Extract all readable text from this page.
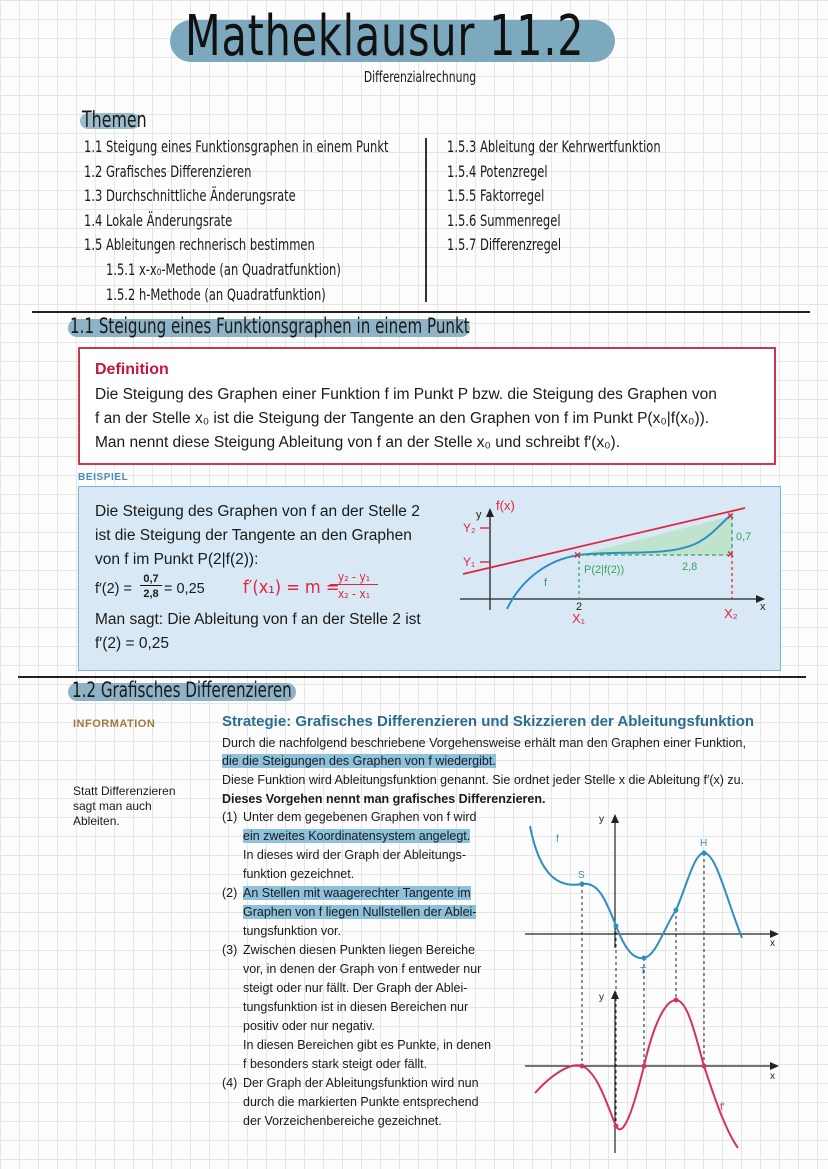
Matheklausur 11.2
Differenzialrechnung
Themen
1.1 Steigung eines Funktionsgraphen in einem Punkt
1.2 Grafisches Differenzieren
1.3 Durchschnittliche Änderungsrate
1.4 Lokale Änderungsrate
1.5 Ableitungen rechnerisch bestimmen
1.5.1 x-x₀-Methode (an Quadratfunktion)
1.5.2 h-Methode (an Quadratfunktion)
1.5.3 Ableitung der Kehrwertfunktion
1.5.4 Potenzregel
1.5.5 Faktorregel
1.5.6 Summenregel
1.5.7 Differenzregel
1.1 Steigung eines Funktionsgraphen in einem Punkt
Definition
Die Steigung des Graphen einer Funktion f im Punkt P bzw. die Steigung des Graphen von
f an der Stelle x₀ ist die Steigung der Tangente an den Graphen von f im Punkt P(x₀|f(x₀)).
Man nennt diese Steigung Ableitung von f an der Stelle x₀ und schreibt f′(x₀).
BEISPIEL
Die Steigung des Graphen von f an der Stelle 2
ist die Steigung der Tangente an den Graphen
von f im Punkt P(2|f(2)):
f′(2) =
0,7
2,8 = 0,25 f′(x₁) = m =
y₂ - y₁
x₂ - x₁
Man sagt: Die Ableitung von f an der Stelle 2 ist
f′(2) = 0,25
×
×
×
f(x)
y
x
Y₂
Y₁
f
P(2|f(2))	2,8
0,7
2
X₁	X₂
1.2 Grafisches Differenzieren
INFORMATION
Statt Differenzieren
sagt man auch
Ableiten.
Strategie: Grafisches Differenzieren und Skizzieren der Ableitungsfunktion
Durch die nachfolgend beschriebene Vorgehensweise erhält man den Graphen einer Funktion,
die die Steigungen des Graphen von f wiedergibt.
Diese Funktion wird Ableitungsfunktion genannt. Sie ordnet jeder Stelle x die Ableitung f′(x) zu.
Dieses Vorgehen nennt man grafisches Differenzieren.
(1) Unter dem gegebenen Graphen von f wird
ein zweites Koordinatensystem angelegt.
In dieses wird der Graph der Ableitungs-
funktion gezeichnet.
(2) An Stellen mit waagerechter Tangente im
Graphen von f liegen Nullstellen der Ablei-
tungsfunktion vor.
(3) Zwischen diesen Punkten liegen Bereiche
vor, in denen der Graph von f entweder nur
steigt oder nur fällt. Der Graph der Ablei-
tungsfunktion ist in diesen Bereichen nur
positiv oder nur negativ.
In diesen Bereichen gibt es Punkte, in denen
f besonders stark steigt oder fällt.
(4) Der Graph der Ableitungsfunktion wird nun
durch die markierten Punkte entsprechend
der Vorzeichenbereiche gezeichnet.
f
f′
y
y
x
x
S
T
H
